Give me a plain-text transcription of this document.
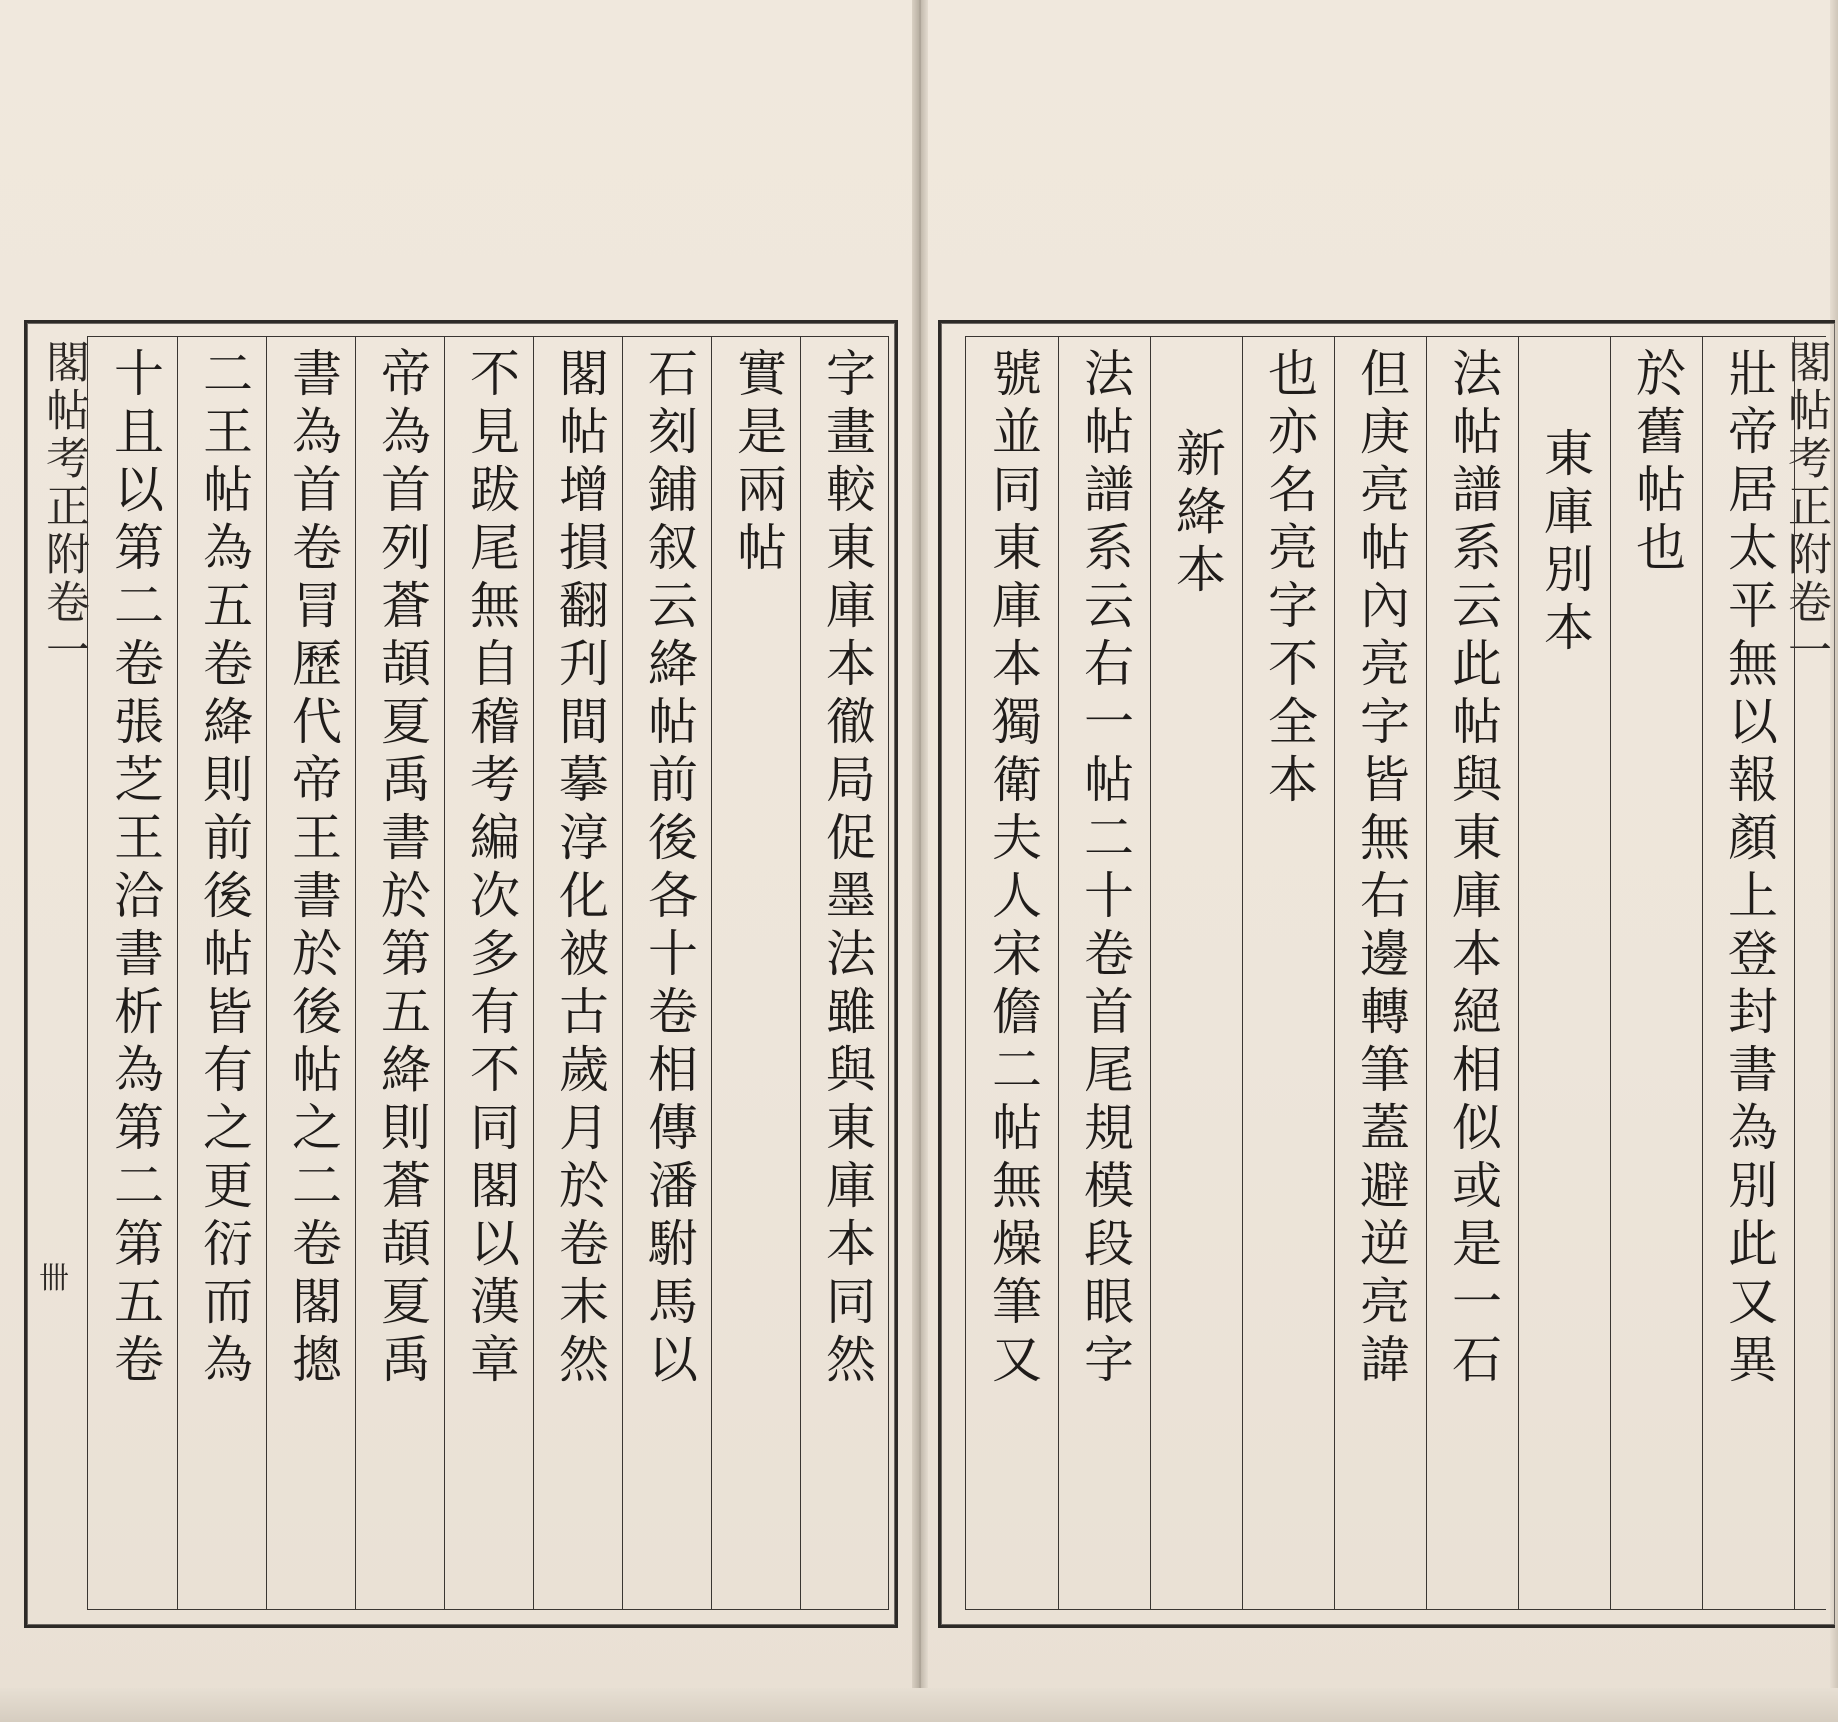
閣帖考正附卷一
卌	字畫較東庫本徹局促墨法雖與東庫本同然
實是兩帖
石刻鋪叙云絳帖前後各十卷相傳潘駙馬以
閣帖增損翻刋間摹淳化被古歲月於卷末然
不見跋尾無自稽考編次多有不同閣以漢章
帝為首列蒼頡夏禹書於第五絳則蒼頡夏禹
書為首卷冐歷代帝王書於後帖之二卷閣摠
二王帖為五卷絳則前後帖皆有之更衍而為
十且以第二卷張芝王洽書析為第二第五卷	閣帖考正附卷一
壯帝居太平無以報顏上登封書為別此又異
於舊帖也
東庫別本
法帖譜系云此帖與東庫本絕相似或是一石
但庚亮帖內亮字皆無右邊轉筆蓋避逆亮諱
也亦名亮字不全本
新絳本
法帖譜系云右一帖二十卷首尾規模段眼字
號並同東庫本獨衛夫人宋儋二帖無燥筆又
